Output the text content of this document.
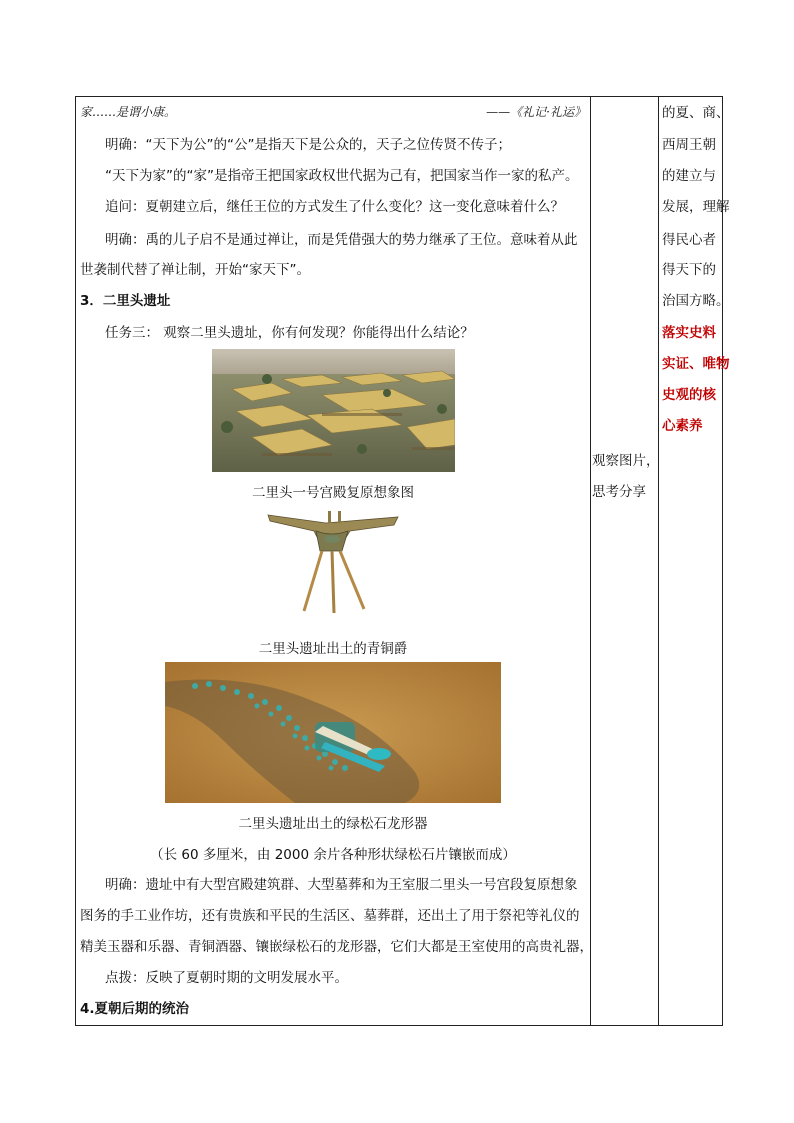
家……是谓小康。	——《礼记·礼运》
明确：“天下为公”的“公”是指天下是公众的，天子之位传贤不传子；
“天下为家”的“家”是指帝王把国家政权世代据为己有，把国家当作一家的私产。
追问：夏朝建立后，继任王位的方式发生了什么变化？这一变化意味着什么？
明确：禹的儿子启不是通过禅让，而是凭借强大的势力继承了王位。意味着从此
世袭制代替了禅让制，开始“家天下”。
3．二里头遗址
任务三： 观察二里头遗址，你有何发现？你能得出什么结论？
二里头一号宫殿复原想象图
二里头遗址出土的青铜爵
二里头遗址出土的绿松石龙形器
（长 60 多厘米，由 2000 余片各种形状绿松石片镶嵌而成）
明确：遗址中有大型宫殿建筑群、大型墓葬和为王室服二里头一号宫段复原想象
图务的手工业作坊，还有贵族和平民的生活区、墓葬群，还出土了用于祭祀等礼仪的
精美玉器和乐器、青铜酒器、镶嵌绿松石的龙形器，它们大都是王室使用的高贵礼器，
点拨：反映了夏朝时期的文明发展水平。
4.夏朝后期的统治
观察图片，
思考分享
的夏、商、
西周王朝
的建立与
发展，理解
得民心者
得天下的
治国方略。
落实史料
实证、唯物
史观的核
心素养
